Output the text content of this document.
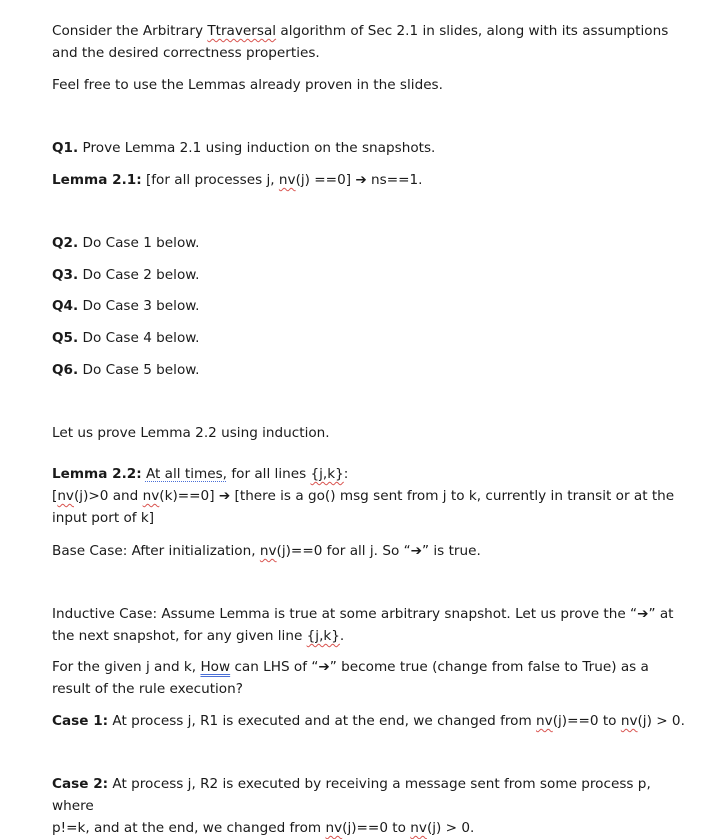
Consider the Arbitrary Ttraversal algorithm of Sec 2.1 in slides, along with its assumptions
and the desired correctness properties.
Feel free to use the Lemmas already proven in the slides.
Q1. Prove Lemma 2.1 using induction on the snapshots.
Lemma 2.1: [for all processes j, nv(j) ==0] ➔ ns==1.
Q2. Do Case 1 below.
Q3. Do Case 2 below.
Q4. Do Case 3 below.
Q5. Do Case 4 below.
Q6. Do Case 5 below.
Let us prove Lemma 2.2 using induction.
Lemma 2.2: At all times, for all lines {j,k}:
[nv(j)>0 and nv(k)==0] ➔ [there is a go() msg sent from j to k, currently in transit or at the
input port of k]
Base Case: After initialization, nv(j)==0 for all j. So “➔” is true.
Inductive Case: Assume Lemma is true at some arbitrary snapshot. Let us prove the “➔” at
the next snapshot, for any given line {j,k}.
For the given j and k, How can LHS of “➔” become true (change from false to True) as a
result of the rule execution?
Case 1: At process j, R1 is executed and at the end, we changed from nv(j)==0 to nv(j) > 0.
Case 2: At process j, R2 is executed by receiving a message sent from some process p, where
p!=k, and at the end, we changed from nv(j)==0 to nv(j) > 0.
